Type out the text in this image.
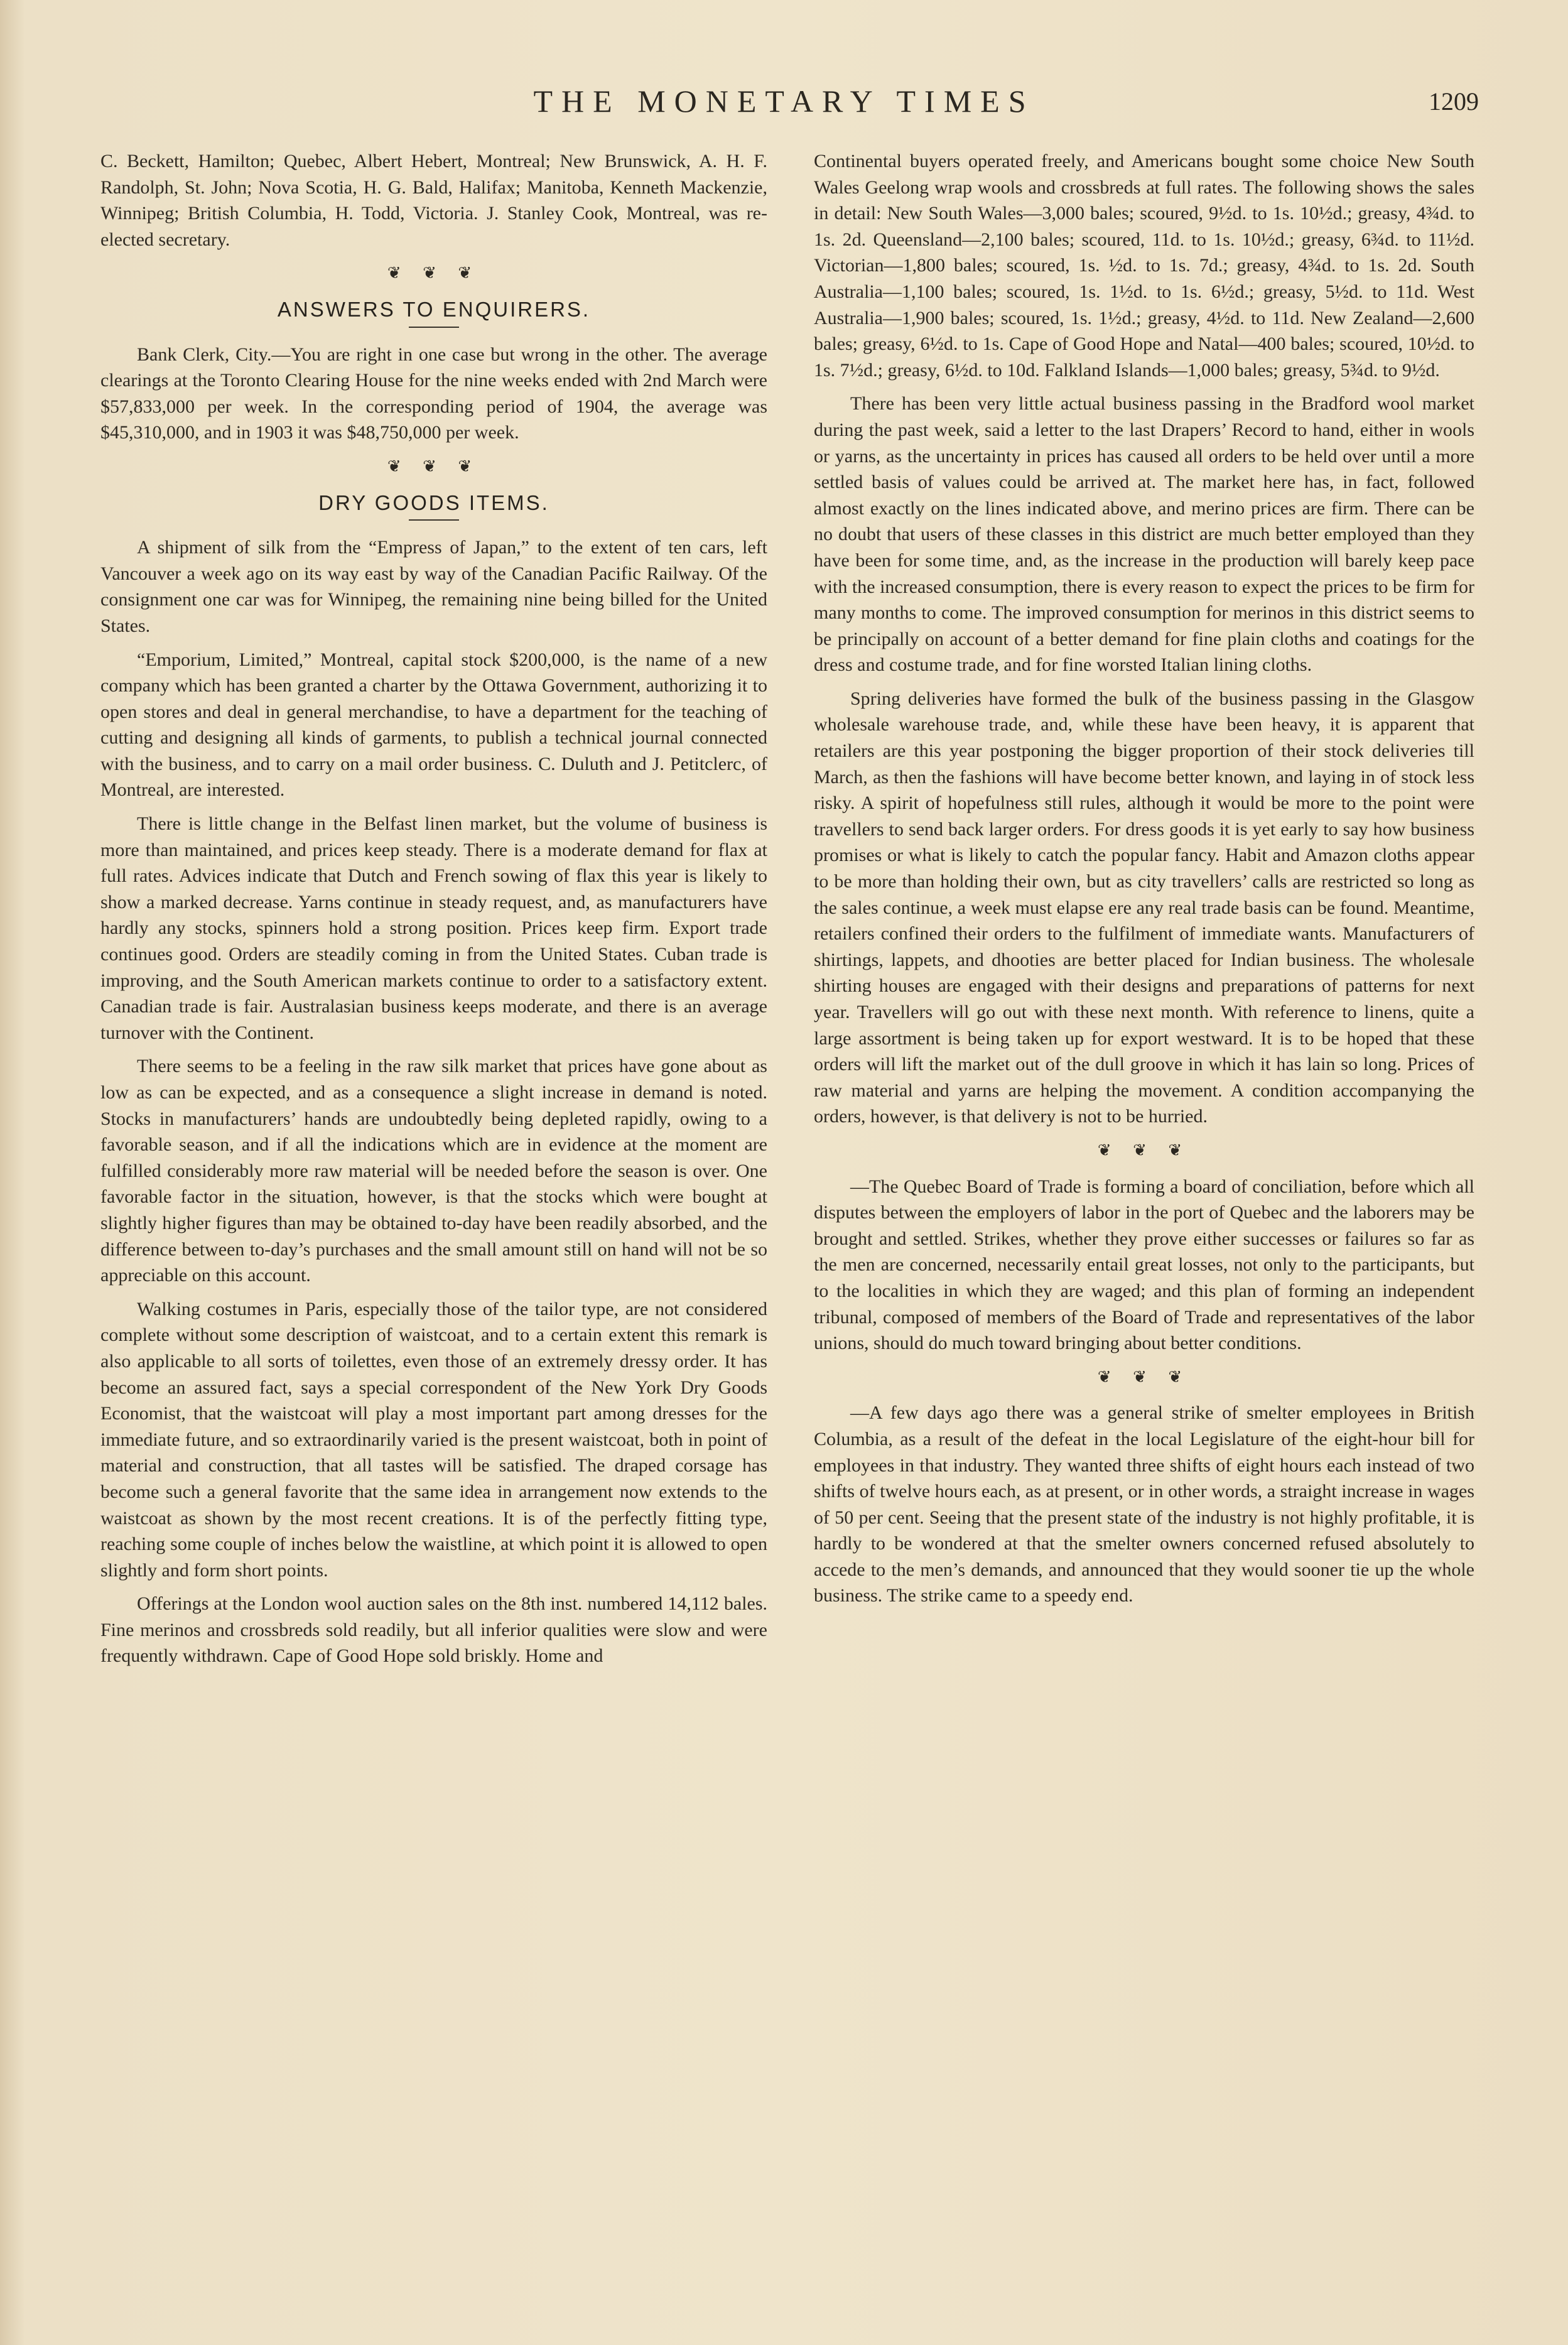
THE MONETARY TIMES	1209

C. Beckett, Hamilton; Quebec, Albert Hebert, Montreal; New Brunswick, A. H. F. Randolph, St. John; Nova Scotia, H. G. Bald, Halifax; Manitoba, Kenneth Mackenzie, Winnipeg; British Columbia, H. Todd, Victoria. J. Stanley Cook, Montreal, was re-elected secretary.

❦ ❦ ❦
ANSWERS TO ENQUIRERS.

Bank Clerk, City.—You are right in one case but wrong in the other. The average clearings at the Toronto Clearing House for the nine weeks ended with 2nd March were $57,833,000 per week. In the corresponding period of 1904, the average was $45,310,000, and in 1903 it was $48,750,000 per week.

❦ ❦ ❦
DRY GOODS ITEMS.

A shipment of silk from the “Empress of Japan,” to the extent of ten cars, left Vancouver a week ago on its way east by way of the Canadian Pacific Railway. Of the consignment one car was for Winnipeg, the remaining nine being billed for the United States.

“Emporium, Limited,” Montreal, capital stock $200,000, is the name of a new company which has been granted a charter by the Ottawa Government, authorizing it to open stores and deal in general merchandise, to have a department for the teaching of cutting and designing all kinds of garments, to publish a technical journal connected with the business, and to carry on a mail order business. C. Duluth and J. Petitclerc, of Montreal, are interested.

There is little change in the Belfast linen market, but the volume of business is more than maintained, and prices keep steady. There is a moderate demand for flax at full rates. Advices indicate that Dutch and French sowing of flax this year is likely to show a marked decrease. Yarns continue in steady request, and, as manufacturers have hardly any stocks, spinners hold a strong position. Prices keep firm. Export trade continues good. Orders are steadily coming in from the United States. Cuban trade is improving, and the South American markets continue to order to a satisfactory extent. Canadian trade is fair. Australasian business keeps moderate, and there is an average turnover with the Continent.

There seems to be a feeling in the raw silk market that prices have gone about as low as can be expected, and as a consequence a slight increase in demand is noted. Stocks in manufacturers’ hands are undoubtedly being depleted rapidly, owing to a favorable season, and if all the indications which are in evidence at the moment are fulfilled considerably more raw material will be needed before the season is over. One favorable factor in the situation, however, is that the stocks which were bought at slightly higher figures than may be obtained to-day have been readily absorbed, and the difference between to-day’s purchases and the small amount still on hand will not be so appreciable on this account.

Walking costumes in Paris, especially those of the tailor type, are not considered complete without some description of waistcoat, and to a certain extent this remark is also applicable to all sorts of toilettes, even those of an extremely dressy order. It has become an assured fact, says a special correspondent of the New York Dry Goods Economist, that the waistcoat will play a most important part among dresses for the immediate future, and so extraordinarily varied is the present waistcoat, both in point of material and construction, that all tastes will be satisfied. The draped corsage has become such a general favorite that the same idea in arrangement now extends to the waistcoat as shown by the most recent creations. It is of the perfectly fitting type, reaching some couple of inches below the waistline, at which point it is allowed to open slightly and form short points.

Offerings at the London wool auction sales on the 8th inst. numbered 14,112 bales. Fine merinos and crossbreds sold readily, but all inferior qualities were slow and were frequently withdrawn. Cape of Good Hope sold briskly. Home and

Continental buyers operated freely, and Americans bought some choice New South Wales Geelong wrap wools and crossbreds at full rates. The following shows the sales in detail: New South Wales—3,000 bales; scoured, 9½d. to 1s. 10½d.; greasy, 4¾d. to 1s. 2d. Queensland—2,100 bales; scoured, 11d. to 1s. 10½d.; greasy, 6¾d. to 11½d. Victorian—1,800 bales; scoured, 1s. ½d. to 1s. 7d.; greasy, 4¾d. to 1s. 2d. South Australia—1,100 bales; scoured, 1s. 1½d. to 1s. 6½d.; greasy, 5½d. to 11d. West Australia—1,900 bales; scoured, 1s. 1½d.; greasy, 4½d. to 11d. New Zealand—2,600 bales; greasy, 6½d. to 1s. Cape of Good Hope and Natal—400 bales; scoured, 10½d. to 1s. 7½d.; greasy, 6½d. to 10d. Falkland Islands—1,000 bales; greasy, 5¾d. to 9½d.

There has been very little actual business passing in the Bradford wool market during the past week, said a letter to the last Drapers’ Record to hand, either in wools or yarns, as the uncertainty in prices has caused all orders to be held over until a more settled basis of values could be arrived at. The market here has, in fact, followed almost exactly on the lines indicated above, and merino prices are firm. There can be no doubt that users of these classes in this district are much better employed than they have been for some time, and, as the increase in the production will barely keep pace with the increased consumption, there is every reason to expect the prices to be firm for many months to come. The improved consumption for merinos in this district seems to be principally on account of a better demand for fine plain cloths and coatings for the dress and costume trade, and for fine worsted Italian lining cloths.

Spring deliveries have formed the bulk of the business passing in the Glasgow wholesale warehouse trade, and, while these have been heavy, it is apparent that retailers are this year postponing the bigger proportion of their stock deliveries till March, as then the fashions will have become better known, and laying in of stock less risky. A spirit of hopefulness still rules, although it would be more to the point were travellers to send back larger orders. For dress goods it is yet early to say how business promises or what is likely to catch the popular fancy. Habit and Amazon cloths appear to be more than holding their own, but as city travellers’ calls are restricted so long as the sales continue, a week must elapse ere any real trade basis can be found. Meantime, retailers confined their orders to the fulfilment of immediate wants. Manufacturers of shirtings, lappets, and dhooties are better placed for Indian business. The wholesale shirting houses are engaged with their designs and preparations of patterns for next year. Travellers will go out with these next month. With reference to linens, quite a large assortment is being taken up for export westward. It is to be hoped that these orders will lift the market out of the dull groove in which it has lain so long. Prices of raw material and yarns are helping the movement. A condition accompanying the orders, however, is that delivery is not to be hurried.

❦ ❦ ❦

—The Quebec Board of Trade is forming a board of conciliation, before which all disputes between the employers of labor in the port of Quebec and the laborers may be brought and settled. Strikes, whether they prove either successes or failures so far as the men are concerned, necessarily entail great losses, not only to the participants, but to the localities in which they are waged; and this plan of forming an independent tribunal, composed of members of the Board of Trade and representatives of the labor unions, should do much toward bringing about better conditions.

❦ ❦ ❦

—A few days ago there was a general strike of smelter employees in British Columbia, as a result of the defeat in the local Legislature of the eight-hour bill for employees in that industry. They wanted three shifts of eight hours each instead of two shifts of twelve hours each, as at present, or in other words, a straight increase in wages of 50 per cent. Seeing that the present state of the industry is not highly profitable, it is hardly to be wondered at that the smelter owners concerned refused absolutely to accede to the men’s demands, and announced that they would sooner tie up the whole business. The strike came to a speedy end.
